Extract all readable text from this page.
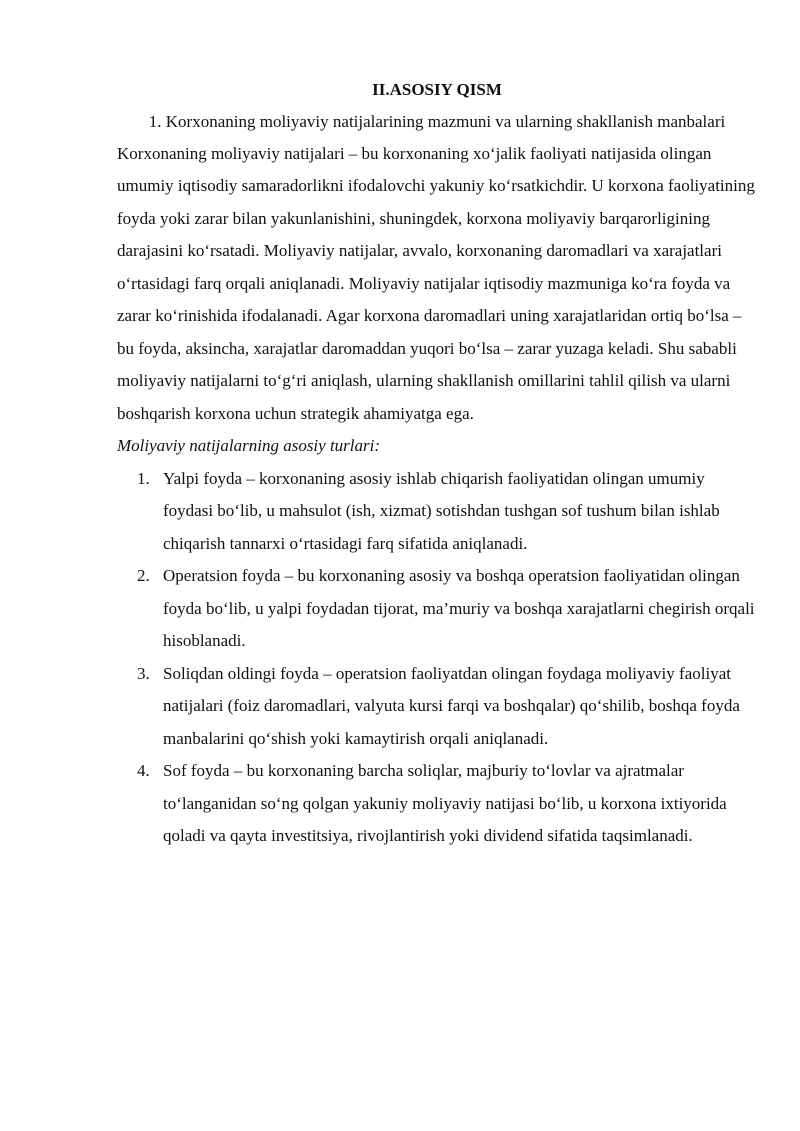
II.ASOSIY QISM

1. Korxonaning moliyaviy natijalarining mazmuni va ularning shakllanish manbalari

Korxonaning moliyaviy natijalari – bu korxonaning xo‘jalik faoliyati natijasida olingan umumiy iqtisodiy samaradorlikni ifodalovchi yakuniy ko‘rsatkichdir. U korxona faoliyatining foyda yoki zarar bilan yakunlanishini, shuningdek, korxona moliyaviy barqarorligining darajasini ko‘rsatadi. Moliyaviy natijalar, avvalo, korxonaning daromadlari va xarajatlari o‘rtasidagi farq orqali aniqlanadi. Moliyaviy natijalar iqtisodiy mazmuniga ko‘ra foyda va zarar ko‘rinishida ifodalanadi. Agar korxona daromadlari uning xarajatlaridan ortiq bo‘lsa – bu foyda, aksincha, xarajatlar daromaddan yuqori bo‘lsa – zarar yuzaga keladi. Shu sababli moliyaviy natijalarni to‘g‘ri aniqlash, ularning shakllanish omillarini tahlil qilish va ularni boshqarish korxona uchun strategik ahamiyatga ega.

Moliyaviy natijalarning asosiy turlari:

1. Yalpi foyda – korxonaning asosiy ishlab chiqarish faoliyatidan olingan umumiy foydasi bo‘lib, u mahsulot (ish, xizmat) sotishdan tushgan sof tushum bilan ishlab chiqarish tannarxi o‘rtasidagi farq sifatida aniqlanadi.
2. Operatsion foyda – bu korxonaning asosiy va boshqa operatsion faoliyatidan olingan foyda bo‘lib, u yalpi foydadan tijorat, ma’muriy va boshqa xarajatlarni chegirish orqali hisoblanadi.
3. Soliqdan oldingi foyda – operatsion faoliyatdan olingan foydaga moliyaviy faoliyat natijalari (foiz daromadlari, valyuta kursi farqi va boshqalar) qo‘shilib, boshqa foyda manbalarini qo‘shish yoki kamaytirish orqali aniqlanadi.
4. Sof foyda – bu korxonaning barcha soliqlar, majburiy to‘lovlar va ajratmalar to‘langanidan so‘ng qolgan yakuniy moliyaviy natijasi bo‘lib, u korxona ixtiyorida qoladi va qayta investitsiya, rivojlantirish yoki dividend sifatida taqsimlanadi.
